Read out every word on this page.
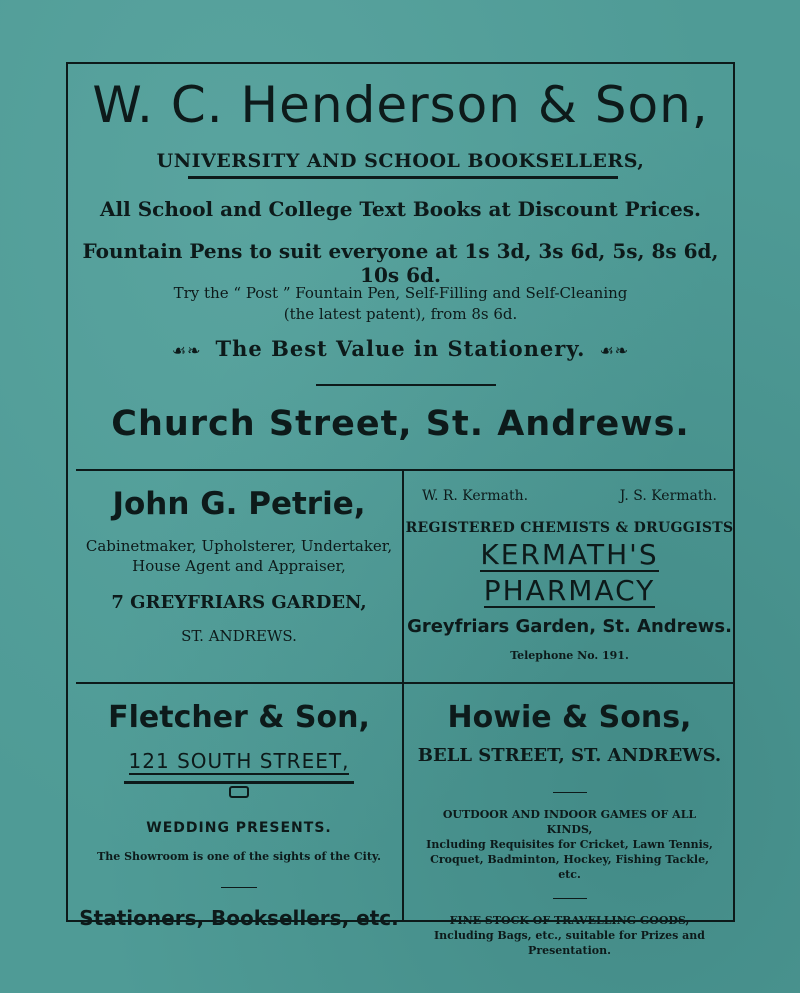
W. C. Henderson & Son,
UNIVERSITY AND SCHOOL BOOKSELLERS,
All School and College Text Books at Discount Prices.
Fountain Pens to suit everyone at 1s 3d, 3s 6d, 5s, 8s 6d, 10s 6d.
Try the “ Post ” Fountain Pen, Self-Filling and Self-Cleaning
(the latest patent), from 8s 6d.
☙❧ The Best Value in Stationery. ☙❧
Church Street, St. Andrews.
John G. Petrie,
Cabinetmaker, Upholsterer, Undertaker,
House Agent and Appraiser,
7 GREYFRIARS GARDEN,
ST. ANDREWS.
W. R. Kermath.	J. S. Kermath.
REGISTERED CHEMISTS & DRUGGISTS
KERMATH'S
PHARMACY
Greyfriars Garden, St. Andrews.
Telephone No. 191.
Fletcher & Son,
121 SOUTH STREET,
WEDDING PRESENTS.
The Showroom is one of the sights of the City.
Stationers, Booksellers, etc.
Howie & Sons,
BELL STREET, ST. ANDREWS.
OUTDOOR AND INDOOR GAMES OF ALL KINDS,
Including Requisites for Cricket, Lawn Tennis,
Croquet, Badminton, Hockey, Fishing Tackle, etc.
FINE STOCK OF TRAVELLING GOODS,
Including Bags, etc., suitable for Prizes and
Presentation.
